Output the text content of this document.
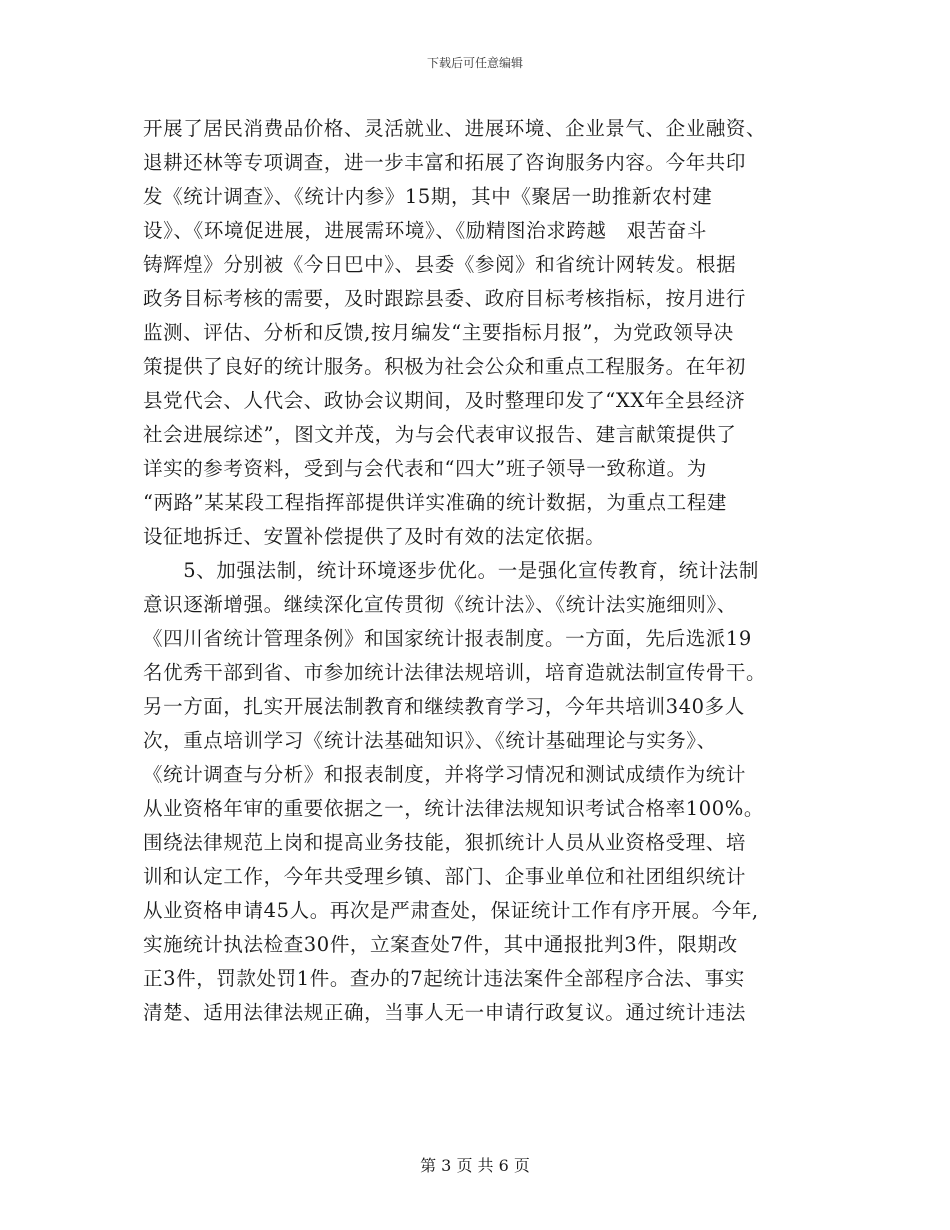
下载后可任意编辑
开展了居民消费品价格、灵活就业、进展环境、企业景气、企业融资、
退耕还林等专项调查，进一步丰富和拓展了咨询服务内容。今年共印
发《统计调查》、《统计内参》15期，其中《聚居一助推新农村建
设》、《环境促进展，进展需环境》、《励精图治求跨越　艰苦奋斗
铸辉煌》分别被《今日巴中》、县委《参阅》和省统计网转发。根据
政务目标考核的需要，及时跟踪县委、政府目标考核指标，按月进行
监测、评估、分析和反馈,按月编发“主要指标月报”，为党政领导决
策提供了良好的统计服务。积极为社会公众和重点工程服务。在年初
县党代会、人代会、政协会议期间，及时整理印发了“XX年全县经济
社会进展综述”，图文并茂，为与会代表审议报告、建言献策提供了
详实的参考资料，受到与会代表和“四大”班子领导一致称道。为
“两路”某某段工程指挥部提供详实准确的统计数据，为重点工程建
设征地拆迁、安置补偿提供了及时有效的法定依据。
　　5、加强法制，统计环境逐步优化。一是强化宣传教育，统计法制
意识逐渐增强。继续深化宣传贯彻《统计法》、《统计法实施细则》、
《四川省统计管理条例》和国家统计报表制度。一方面，先后选派19
名优秀干部到省、市参加统计法律法规培训，培育造就法制宣传骨干。
另一方面，扎实开展法制教育和继续教育学习，今年共培训340多人
次，重点培训学习《统计法基础知识》、《统计基础理论与实务》、
《统计调查与分析》和报表制度，并将学习情况和测试成绩作为统计
从业资格年审的重要依据之一，统计法律法规知识考试合格率100%。
围绕法律规范上岗和提高业务技能，狠抓统计人员从业资格受理、培
训和认定工作，今年共受理乡镇、部门、企事业单位和社团组织统计
从业资格申请45人。再次是严肃查处，保证统计工作有序开展。今年,
实施统计执法检查30件，立案查处7件，其中通报批判3件，限期改
正3件，罚款处罚1件。查办的7起统计违法案件全部程序合法、事实
清楚、适用法律法规正确，当事人无一申请行政复议。通过统计违法
第 3 页 共 6 页
